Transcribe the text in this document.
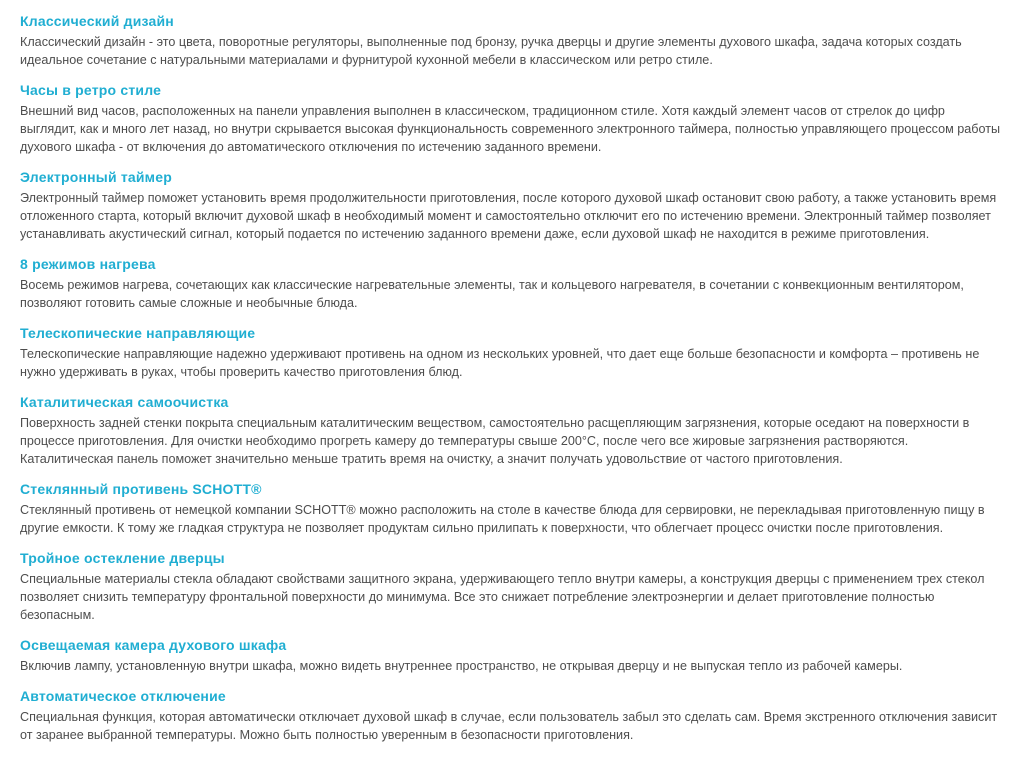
Классический дизайн

Классический дизайн - это цвета, поворотные регуляторы, выполненные под бронзу, ручка дверцы и другие элементы духового шкафа, задача которых создать идеальное сочетание с натуральными материалами и фурнитурой кухонной мебели в классическом или ретро стиле.

Часы в ретро стиле

Внешний вид часов, расположенных на панели управления выполнен в классическом, традиционном стиле. Хотя каждый элемент часов от стрелок до цифр выглядит, как и много лет назад, но внутри скрывается высокая функциональность современного электронного таймера, полностью управляющего процессом работы духового шкафа - от включения до автоматического отключения по истечению заданного времени.

Электронный таймер

Электронный таймер поможет установить время продолжительности приготовления, после которого духовой шкаф остановит свою работу, а также установить время отложенного старта, который включит духовой шкаф в необходимый момент и самостоятельно отключит его по истечению времени. Электронный таймер позволяет устанавливать акустический сигнал, который подается по истечению заданного времени даже, если духовой шкаф не находится в режиме приготовления.

8 режимов нагрева

Восемь режимов нагрева, сочетающих как классические нагревательные элементы, так и кольцевого нагревателя, в сочетании с конвекционным вентилятором, позволяют готовить самые сложные и необычные блюда.

Телескопические направляющие

Телескопические направляющие надежно удерживают противень на одном из нескольких уровней, что дает еще больше безопасности и комфорта – противень не нужно удерживать в руках, чтобы проверить качество приготовления блюд.

Каталитическая самоочистка

Поверхность задней стенки покрыта специальным каталитическим веществом, самостоятельно расщепляющим загрязнения, которые оседают на поверхности в процессе приготовления. Для очистки необходимо прогреть камеру до температуры свыше 200°C, после чего все жировые загрязнения растворяются. Каталитическая панель поможет значительно меньше тратить время на очистку, а значит получать удовольствие от частого приготовления.

Стеклянный противень SCHOTT®

Стеклянный противень от немецкой компании SCHOTT® можно расположить на столе в качестве блюда для сервировки, не перекладывая приготовленную пищу в другие емкости. К тому же гладкая структура не позволяет продуктам сильно прилипать к поверхности, что облегчает процесс очистки после приготовления.

Тройное остекление дверцы

Специальные материалы стекла обладают свойствами защитного экрана, удерживающего тепло внутри камеры, а конструкция дверцы с применением трех стекол позволяет снизить температуру фронтальной поверхности до минимума. Все это снижает потребление электроэнергии и делает приготовление полностью безопасным.

Освещаемая камера духового шкафа

Включив лампу, установленную внутри шкафа, можно видеть внутреннее пространство, не открывая дверцу и не выпуская тепло из рабочей камеры.

Автоматическое отключение

Специальная функция, которая автоматически отключает духовой шкаф в случае, если пользователь забыл это сделать сам. Время экстренного отключения зависит от заранее выбранной температуры. Можно быть полностью уверенным в безопасности приготовления.
